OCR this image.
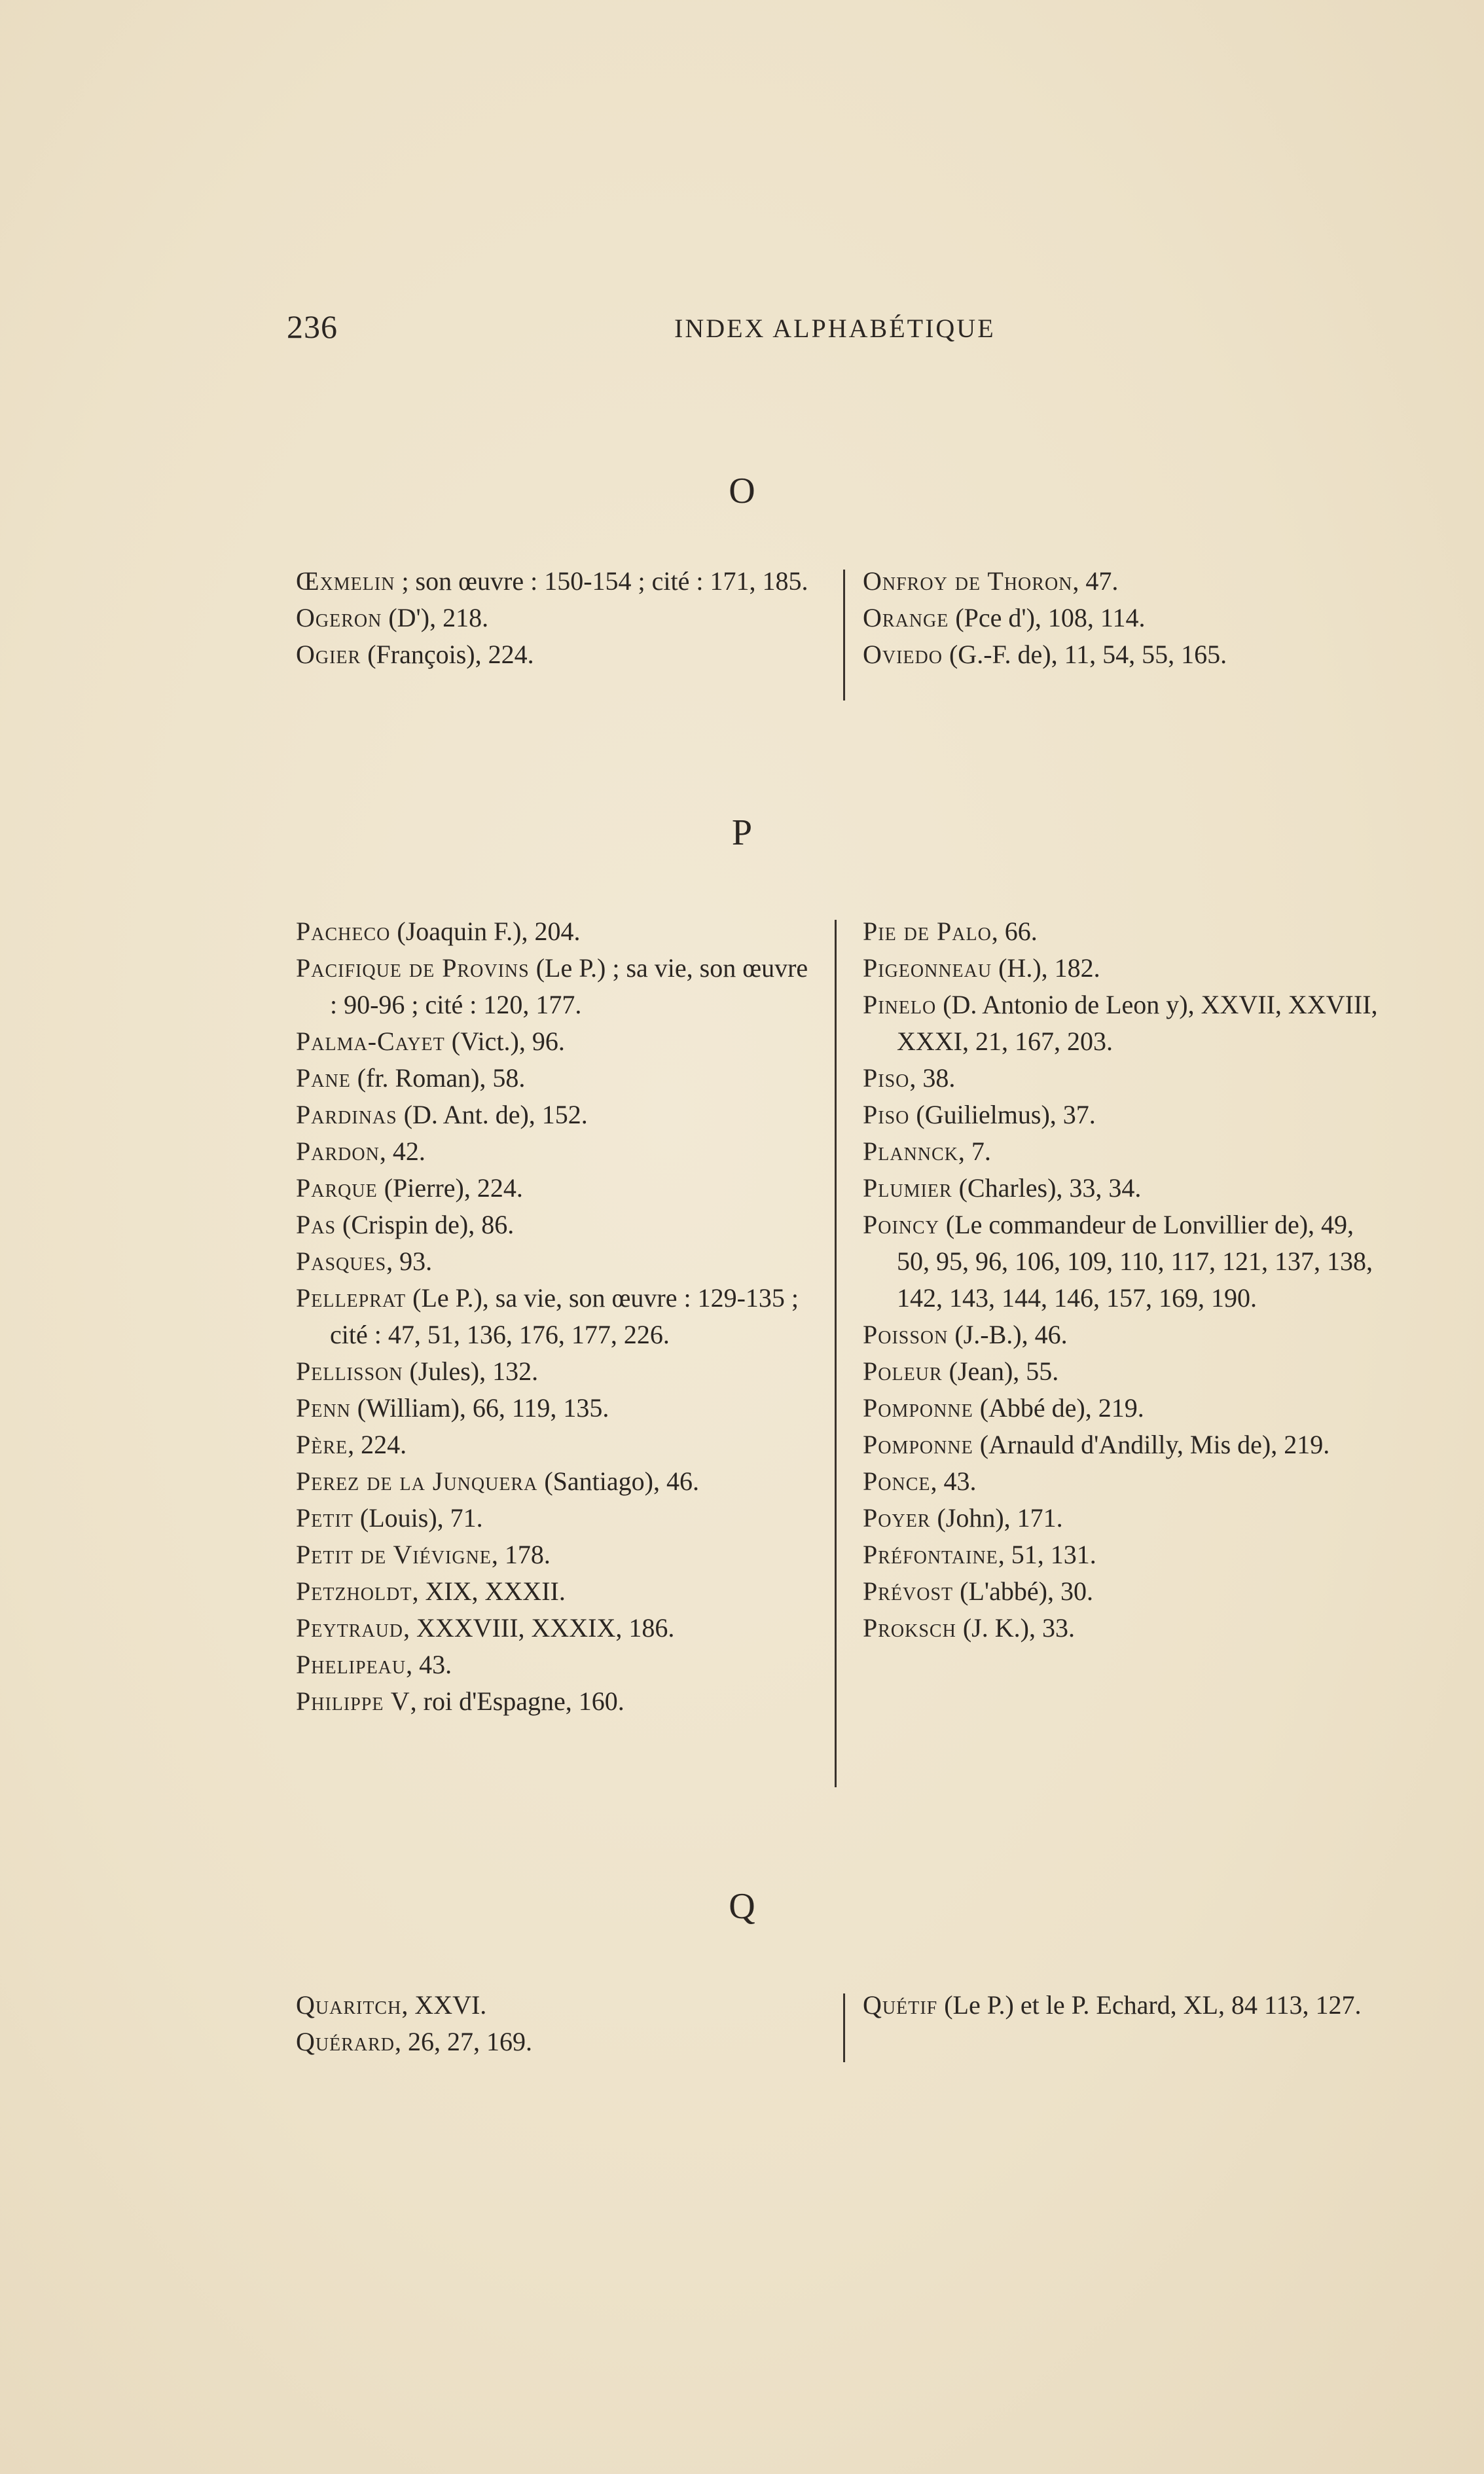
236	INDEX ALPHABÉTIQUE
O
Œxmelin ; son œuvre : 150-154 ; cité : 171, 185.
Ogeron (D'), 218.
Ogier (François), 224.
Onfroy de Thoron, 47.
Orange (Pce d'), 108, 114.
Oviedo (G.-F. de), 11, 54, 55, 165.
P
Pacheco (Joaquin F.), 204.
Pacifique de Provins (Le P.) ; sa vie, son œuvre : 90-96 ; cité : 120, 177.
Palma-Cayet (Vict.), 96.
Pane (fr. Roman), 58.
Pardinas (D. Ant. de), 152.
Pardon, 42.
Parque (Pierre), 224.
Pas (Crispin de), 86.
Pasques, 93.
Pelleprat (Le P.), sa vie, son œuvre : 129-135 ; cité : 47, 51, 136, 176, 177, 226.
Pellisson (Jules), 132.
Penn (William), 66, 119, 135.
Père, 224.
Perez de la Junquera (Santiago), 46.
Petit (Louis), 71.
Petit de Viévigne, 178.
Petzholdt, XIX, XXXII.
Peytraud, XXXVIII, XXXIX, 186.
Phelipeau, 43.
Philippe V, roi d'Espagne, 160.
Pie de Palo, 66.
Pigeonneau (H.), 182.
Pinelo (D. Antonio de Leon y), XXVII, XXVIII, XXXI, 21, 167, 203.
Piso, 38.
Piso (Guilielmus), 37.
Plannck, 7.
Plumier (Charles), 33, 34.
Poincy (Le commandeur de Lonvillier de), 49, 50, 95, 96, 106, 109, 110, 117, 121, 137, 138, 142, 143, 144, 146, 157, 169, 190.
Poisson (J.-B.), 46.
Poleur (Jean), 55.
Pomponne (Abbé de), 219.
Pomponne (Arnauld d'Andilly, Mis de), 219.
Ponce, 43.
Poyer (John), 171.
Préfontaine, 51, 131.
Prévost (L'abbé), 30.
Proksch (J. K.), 33.
Q
Quaritch, XXVI.
Quérard, 26, 27, 169.
Quétif (Le P.) et le P. Echard, XL, 84 113, 127.
